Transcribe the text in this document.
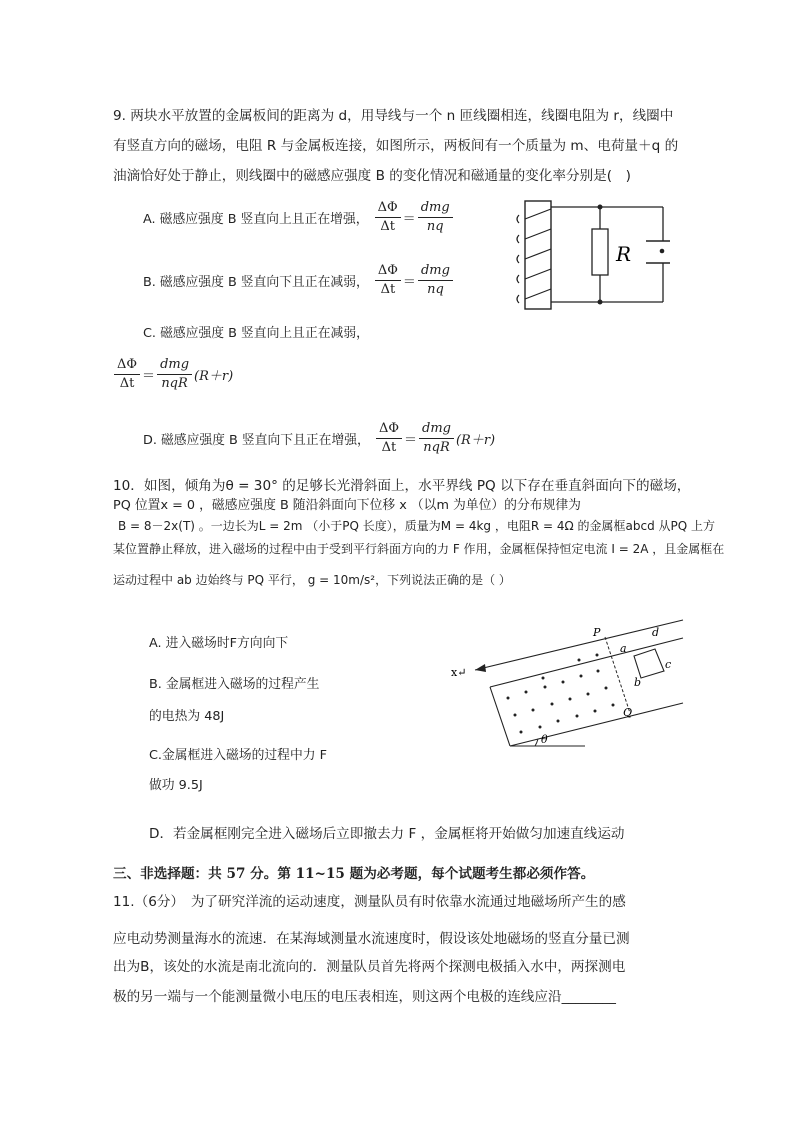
9. 两块水平放置的金属板间的距离为 d，用导线与一个 n 匝线圈相连，线圈电阻为 r，线圈中
有竖直方向的磁场，电阻 R 与金属板连接，如图所示，两板间有一个质量为 m、电荷量＋q 的
油滴恰好处于静止，则线圈中的磁感应强度 B 的变化情况和磁通量的变化率分别是(　)
A. 磁感应强度 B 竖直向上且正在增强， $\frac{\Delta\Phi}{\Delta t} = \frac{\text{dmg}}{nq}$
B. 磁感应强度 B 竖直向下且正在减弱， $\frac{\Delta\Phi}{\Delta t} = \frac{\text{dmg}}{nq}$
C. 磁感应强度 B 竖直向上且正在减弱，
$\frac{\Delta\Phi}{\Delta t} = \frac{\text{dmg}}{\text{nqR}} (R+r)$
D. 磁感应强度 B 竖直向下且正在增强， $\frac{\Delta\Phi}{\Delta t} = \frac{\text{dmg}}{\text{nqR}} (R+r)$
R
10．如图，倾角为θ = 30° 的足够长光滑斜面上，水平界线 PQ 以下存在垂直斜面向下的磁场，
PQ 位置x = 0 ，磁感应强度 B 随沿斜面向下位移 x （以m 为单位）的分布规律为
B = 8－2x(T) 。一边长为L = 2m （小于PQ 长度），质量为M = 4kg ，电阻R = 4Ω 的金属框abcd 从PQ 上方
某位置静止释放，进入磁场的过程中由于受到平行斜面方向的力 F 作用，金属框保持恒定电流 I = 2A ，且金属框在
运动过程中 ab 边始终与 PQ 平行， g = 10m/s²，下列说法正确的是（ ）
A. 进入磁场时F方向向下
B. 金属框进入磁场的过程产生
的电热为 48J
C.金属框进入磁场的过程中力 F
做功 9.5J
D．若金属框刚完全进入磁场后立即撤去力 F ，金属框将开始做匀加速直线运动
x↵
θ
P
Q
a
b
c
d
三、非选择题：共 57 分。第 11~15 题为必考题，每个试题考生都必须作答。
11.（6分）　为了研究洋流的运动速度，测量队员有时依靠水流通过地磁场所产生的感
应电动势测量海水的流速．在某海域测量水流速度时，假设该处地磁场的竖直分量已测
出为B，该处的水流是南北流向的．测量队员首先将两个探测电极插入水中，两探测电
极的另一端与一个能测量微小电压的电压表相连，则这两个电极的连线应沿________
